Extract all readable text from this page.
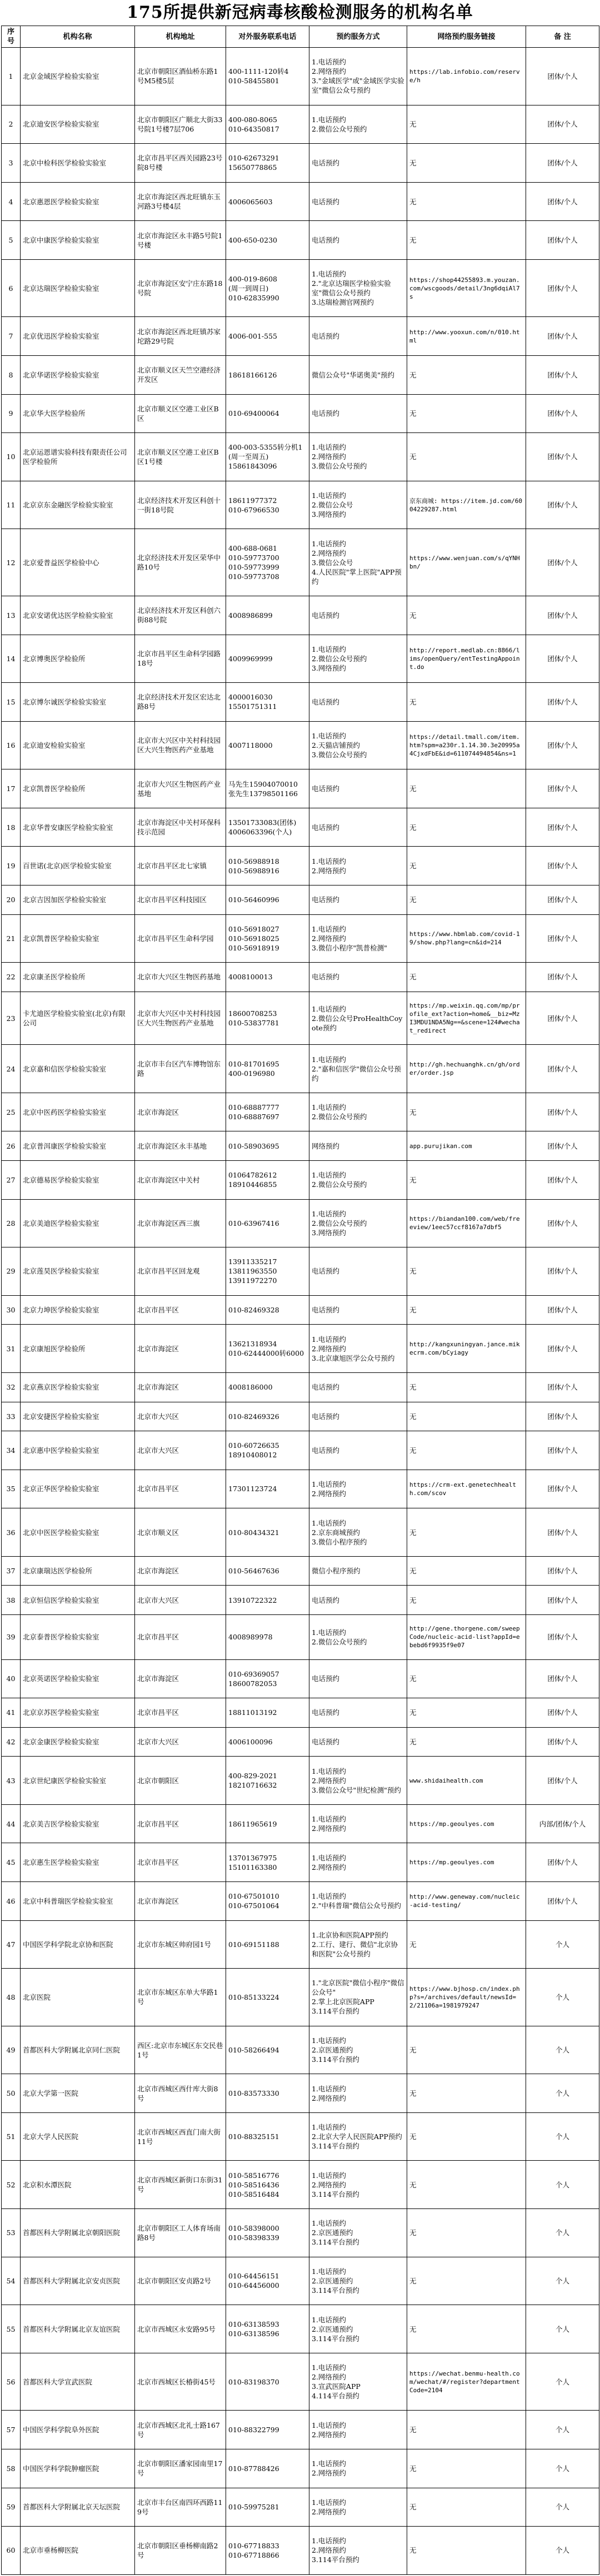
175所提供新冠病毒核酸检测服务的机构名单
序号	机构名称	机构地址	对外服务联系电话	预约服务方式	网络预约服务链接	备 注
1	北京金域医学检验实验室	北京市朝阳区酒仙桥东路1号M5楼5层	400-1111-120转4
010-58455801	1.电话预约
2.网络预约
3."金域医学"或"金域医学实验室"微信公众号预约	https://lab.infobio.com/reserve/h	团体/个人
2	北京迪安医学检验实验室	北京市朝阳区广顺北大街33号院1号楼7层706	400-080-8065
010-64350817	1.电话预约
2.微信公众号预约	无	团体/个人
3	北京中检科医学检验实验室	北京市昌平区西关园路23号院8号楼	010-62673291
15650778865	电话预约	无	团体/个人
4	北京惠恩医学检验实验室	北京市海淀区西北旺镇东玉河路3号楼4层	4006065603	电话预约	无	团体/个人
5	北京中康医学检验实验室	北京市海淀区永丰路5号院1号楼	400-650-0230	电话预约	无	团体/个人
6	北京达瑞医学检验实验室	北京市海淀区安宁庄东路18号院	400-019-8608
(周一到周日)
010-62835990	1.电话预约
2."北京达瑞医学检验实验室"微信公众号预约
3.达瑞检测官网预约	https://shop44255893.m.youzan.com/wscgoods/detail/3ng6dqiAl7s	团体/个人
7	北京优迅医学检验实验室	北京市海淀区西北旺镇苏家坨路29号院	4006-001-555	电话预约	http://www.yooxun.com/n/010.html	团体/个人
8	北京华诺医学检验实验室	北京市顺义区天竺空港经济开发区	18618166126	微信公众号"华诺奥美"预约	无	团体/个人
9	北京华大医学检验所	北京市顺义区空港工业区B区	010-69400064	电话预约	无	团体/个人
10	北京运恩谱实验科技有限责任公司医学检验所	北京市顺义区空港工业区B区1号楼	400-003-5355转分机1
(周一至周五)
15861843096	1.电话预约
2.网络预约
3.微信公众号预约	无	团体/个人
11	北京京东金融医学检验实验室	北京经济技术开发区科创十一街18号院	18611977372
010-67966530	1.电话预约
2.微信公众号
3.网络预约	京东商城: https://item.jd.com/6004229287.html	团体/个人
12	北京爱普益医学检验中心	北京经济技术开发区荣华中路10号	400-688-0681
010-59773700
010-59773999
010-59773708	1.电话预约
2.网络预约
3.微信公众号
4.人民医院"掌上医院"APP预约	https://www.wenjuan.com/s/qYNHbn/	团体/个人
13	北京安诺优达医学检验实验室	北京经济技术开发区科创六街88号院	4008986899	电话预约	无	团体/个人
14	北京博奥医学检验所	北京市昌平区生命科学园路18号	4009969999	1.电话预约
2.微信公众号预约
3.网络预约	http://report.medlab.cn:8866/lims/openQuery/entTestingAppoint.do	团体/个人
15	北京博尔诚医学检验实验室	北京经济技术开发区宏达北路8号	4000016030
15501751311	电话预约	无	团体/个人
16	北京迪安检验实验室	北京市大兴区中关村科技园区大兴生物医药产业基地	4007118000	1.电话预约
2.天猫店铺预约
3.微信公众号预约	https://detail.tmall.com/item.htm?spm=a230r.1.14.30.3e20995a4CjxdFbE&id=611074494854&ns=1	团体/个人
17	北京凯普医学检验所	北京市大兴区生物医药产业基地	马先生15904070010
张先生13798501166	电话预约	无	团体/个人
18	北京华普安康医学检验实验室	北京市海淀区中关村环保科技示范园	13501733083(团体)
4006063396(个人)	电话预约	无	团体/个人
19	百世诺(北京)医学检验实验室	北京市昌平区北七家镇	010-56988918
010-56988916	1.电话预约
2.网络预约	无	团体/个人
20	北京吉因加医学检验实验室	北京市昌平区科技园区	010-56460996	电话预约	无	团体/个人
21	北京凯普医学检验实验室	北京市昌平区生命科学园	010-56918027
010-56918025
010-56918919	1.电话预约
2.网络预约
3.微信小程序"凯普检测"	https://www.hbmlab.com/covid-19/show.php?lang=cn&id=214	团体/个人
22	北京康圣医学检验所	北京市大兴区生物医药基地	4008100013	电话预约	无	团体/个人
23	卡尤迪医学检验实验室(北京)有限公司	北京市大兴区中关村科技园区大兴生物医药产业基地	18600708253
010-53837781	1.电话预约
2.微信公众号ProHealthCoyote预约	https://mp.weixin.qq.com/mp/profile_ext?action=home&__biz=MzI3MDU1NDA5Ng==&scene=124#wechat_redirect	团体/个人
24	北京嘉和信医学检验实验室	北京市丰台区汽车博物馆东路	010-81701695
400-0196980	1.电话预约
2."嘉和信医学"微信公众号预约	http://gh.hechuanghk.cn/gh/order/order.jsp	团体/个人
25	北京中医药医学检验实验室	北京市海淀区	010-68887777
010-68887697	1.电话预约
2.微信公众号预约	无	团体/个人
26	北京普洱康医学检验实验室	北京市海淀区永丰基地	010-58903695	网络预约	app.purujikan.com	团体/个人
27	北京德易医学检验实验室	北京市海淀区中关村	01064782612
18910446855	1.电话预约
2.微信公众号预约	无	团体/个人
28	北京美迪医学检验实验室	北京市海淀区西三旗	010-63967416	1.电话预约
2.微信公众号预约
3.网络预约	https://biandan100.com/web/freeview/1eec57ccf8167a7dbf5	团体/个人
29	北京莲昊医学检验实验室	北京市昌平区回龙观	13911335217
13811963550
13911972270	电话预约	无	团体/个人
30	北京力坤医学检验实验室	北京市昌平区	010-82469328	电话预约	无	团体/个人
31	北京康旭医学检验所	北京市海淀区	13621318934
010-62444000转6000	1.电话预约
2.网络预约
3.北京康旭医学公众号预约	http://kangxuningyan.jance.mikecrm.com/bCyiagy	团体/个人
32	北京燕京医学检验实验室	北京市海淀区	4008186000	电话预约	无	团体/个人
33	北京安捷医学检验实验室	北京市大兴区	010-82469326	电话预约	无	团体/个人
34	北京惠中医学检验实验室	北京市大兴区	010-60726635
18910408012	电话预约	无	团体/个人
35	北京正华医学检验实验室	北京市昌平区	17301123724	1.电话预约
2.网络预约	https://crm-ext.genetechhealth.com/scov	团体/个人
36	北京中医医学检验实验室	北京市顺义区	010-80434321	1.电话预约
2.京东商城预约
3.微信小程序预约	无	团体/个人
37	北京康瑞达医学检验所	北京市海淀区	010-56467636	微信小程序预约	无	团体/个人
38	北京恒信医学检验实验室	北京市大兴区	13910722322	电话预约	无	团体/个人
39	北京泰普医学检验实验室	北京市昌平区	4008989978	1.电话预约
2.微信公众号预约	http://gene.thorgene.com/sweepCode/nucleic-acid-list?appId=ebebd6f9935f9e07	团体/个人
40	北京英诺医学检验实验室	北京市海淀区	010-69369057
18600782053	电话预约	无	团体/个人
41	北京京苏医学检验实验室	北京市昌平区	18811013192	电话预约	无	团体/个人
42	北京金康医学检验实验室	北京市大兴区	4006100096	电话预约	无	团体/个人
43	北京世纪康医学检验实验室	北京市朝阳区	400-829-2021
18210716632	1.电话预约
2.网络预约
3.微信公众号"世纪检测"预约	www.shidaihealth.com	团体/个人
44	北京美吉医学检验实验室	北京市昌平区	18611965619	1.电话预约
2.网络预约	https://mp.geoulyes.com	内部/团体/个人
45	北京惠生医学检验实验室	北京市昌平区	13701367975
15101163380	1.电话预约
2.网络预约	https://mp.geoulyes.com	团体/个人
46	北京中科普瑞医学检验实验室	北京市海淀区	010-67501010
010-67501064	1.电话预约
2."中科普瑞"微信公众号预约	http://www.geneway.com/nucleic-acid-testing/	团体/个人
47	中国医学科学院北京协和医院	北京市东城区帅府园1号	010-69151188	1.北京协和医院APP预约
2.工行、建行、微信"北京协和医院"公众号预约	无	个人
48	北京医院	北京市东城区东单大华路1号	010-85133224	1."北京医院"微信小程序"微信公众号"
2.掌上北京医院APP
3.114平台预约	https://www.bjhosp.cn/index.php?s=/archives/default/newsId=2/21106a=1981979247	个人
49	首都医科大学附属北京同仁医院	西区:北京市东城区东交民巷1号	010-58266494	1.电话预约
2.京医通预约
3.114平台预约	无	个人
50	北京大学第一医院	北京市西城区西什库大街8号	010-83573330	1.电话预约
2.网络预约	无	个人
51	北京大学人民医院	北京市西城区西直门南大街11号	010-88325151	1.电话预约
2.北京大学人民医院APP预约
3.114平台预约	无	个人
52	北京积水潭医院	北京市西城区新街口东街31号	010-58516776
010-58516436
010-58516484	1.电话预约
2.网络预约
3.114平台预约	无	个人
53	首都医科大学附属北京朝阳医院	北京市朝阳区工人体育场南路8号	010-58398000
010-58398339	1.电话预约
2.京医通预约
3.114平台预约	无	个人
54	首都医科大学附属北京安贞医院	北京市朝阳区安贞路2号	010-64456151
010-64456000	1.电话预约
2.京医通预约
3.114平台预约	无	个人
55	首都医科大学附属北京友谊医院	北京市西城区永安路95号	010-63138593
010-63138596	1.电话预约
2.京医通预约
3.114平台预约	无	个人
56	首都医科大学宣武医院	北京市西城区长椿街45号	010-83198370	1.电话预约
2.网络预约
3.宣武医院APP
4.114平台预约	https://wechat.benmu-health.com/wechat/#/register?departmentCode=2104	个人
57	中国医学科学院阜外医院	北京市西城区北礼士路167号	010-88322799	1.电话预约
2.网络预约	无	个人
58	中国医学科学院肿瘤医院	北京市朝阳区潘家园南里17号	010-87788426	1.电话预约
2.网络预约	无	个人
59	首都医科大学附属北京天坛医院	北京市丰台区南四环西路119号	010-59975281	1.电话预约
2.网络预约	无	个人
60	北京市垂杨柳医院	北京市朝阳区垂杨柳南路2号	010-67718833
010-67718866	1.电话预约
2.网络预约
3.114平台预约	无	个人
